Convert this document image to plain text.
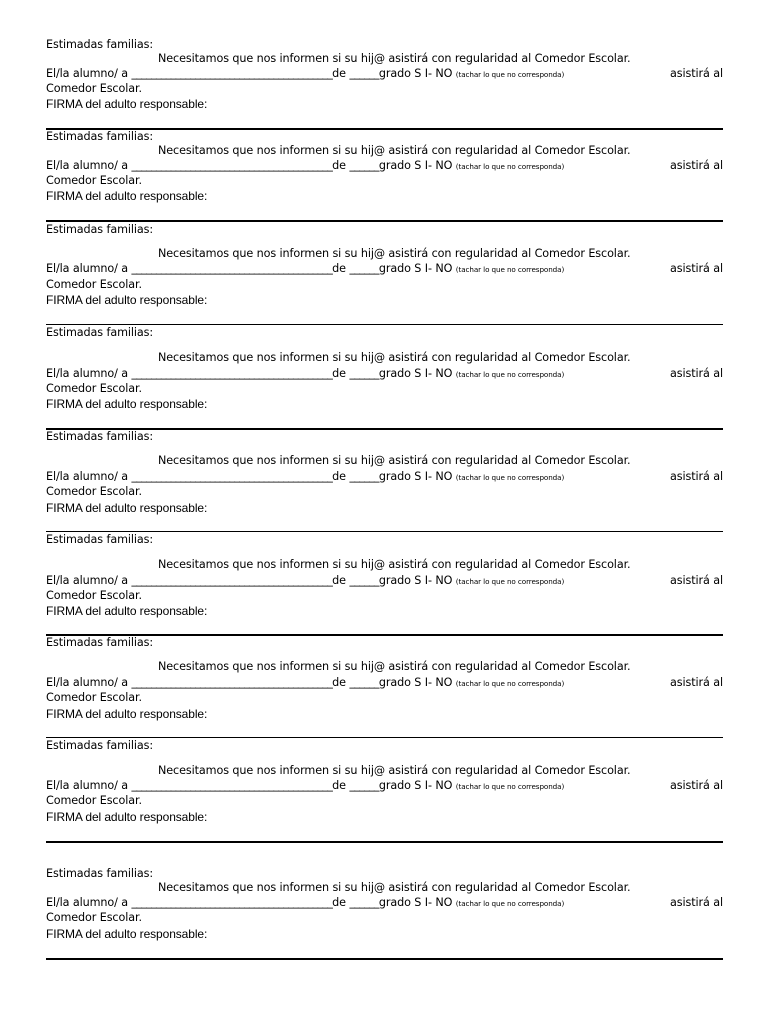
Estimadas familias:
Necesitamos que nos informen si su hij@ asistirá con regularidad al Comedor Escolar.
El/la alumno/ a _________________________________________de ______grado S I- NO (tachar lo que no corresponda)	asistirá al
Comedor Escolar.
FIRMA del adulto responsable:
Estimadas familias:
Necesitamos que nos informen si su hij@ asistirá con regularidad al Comedor Escolar.
El/la alumno/ a _________________________________________de ______grado S I- NO (tachar lo que no corresponda)	asistirá al
Comedor Escolar.
FIRMA del adulto responsable:
Estimadas familias:
Necesitamos que nos informen si su hij@ asistirá con regularidad al Comedor Escolar.
El/la alumno/ a _________________________________________de ______grado S I- NO (tachar lo que no corresponda)	asistirá al
Comedor Escolar.
FIRMA del adulto responsable:
Estimadas familias:
Necesitamos que nos informen si su hij@ asistirá con regularidad al Comedor Escolar.
El/la alumno/ a _________________________________________de ______grado S I- NO (tachar lo que no corresponda)	asistirá al
Comedor Escolar.
FIRMA del adulto responsable:
Estimadas familias:
Necesitamos que nos informen si su hij@ asistirá con regularidad al Comedor Escolar.
El/la alumno/ a _________________________________________de ______grado S I- NO (tachar lo que no corresponda)	asistirá al
Comedor Escolar.
FIRMA del adulto responsable:
Estimadas familias:
Necesitamos que nos informen si su hij@ asistirá con regularidad al Comedor Escolar.
El/la alumno/ a _________________________________________de ______grado S I- NO (tachar lo que no corresponda)	asistirá al
Comedor Escolar.
FIRMA del adulto responsable:
Estimadas familias:
Necesitamos que nos informen si su hij@ asistirá con regularidad al Comedor Escolar.
El/la alumno/ a _________________________________________de ______grado S I- NO (tachar lo que no corresponda)	asistirá al
Comedor Escolar.
FIRMA del adulto responsable:
Estimadas familias:
Necesitamos que nos informen si su hij@ asistirá con regularidad al Comedor Escolar.
El/la alumno/ a _________________________________________de ______grado S I- NO (tachar lo que no corresponda)	asistirá al
Comedor Escolar.
FIRMA del adulto responsable:
Estimadas familias:
Necesitamos que nos informen si su hij@ asistirá con regularidad al Comedor Escolar.
El/la alumno/ a _________________________________________de ______grado S I- NO (tachar lo que no corresponda)	asistirá al
Comedor Escolar.
FIRMA del adulto responsable:
